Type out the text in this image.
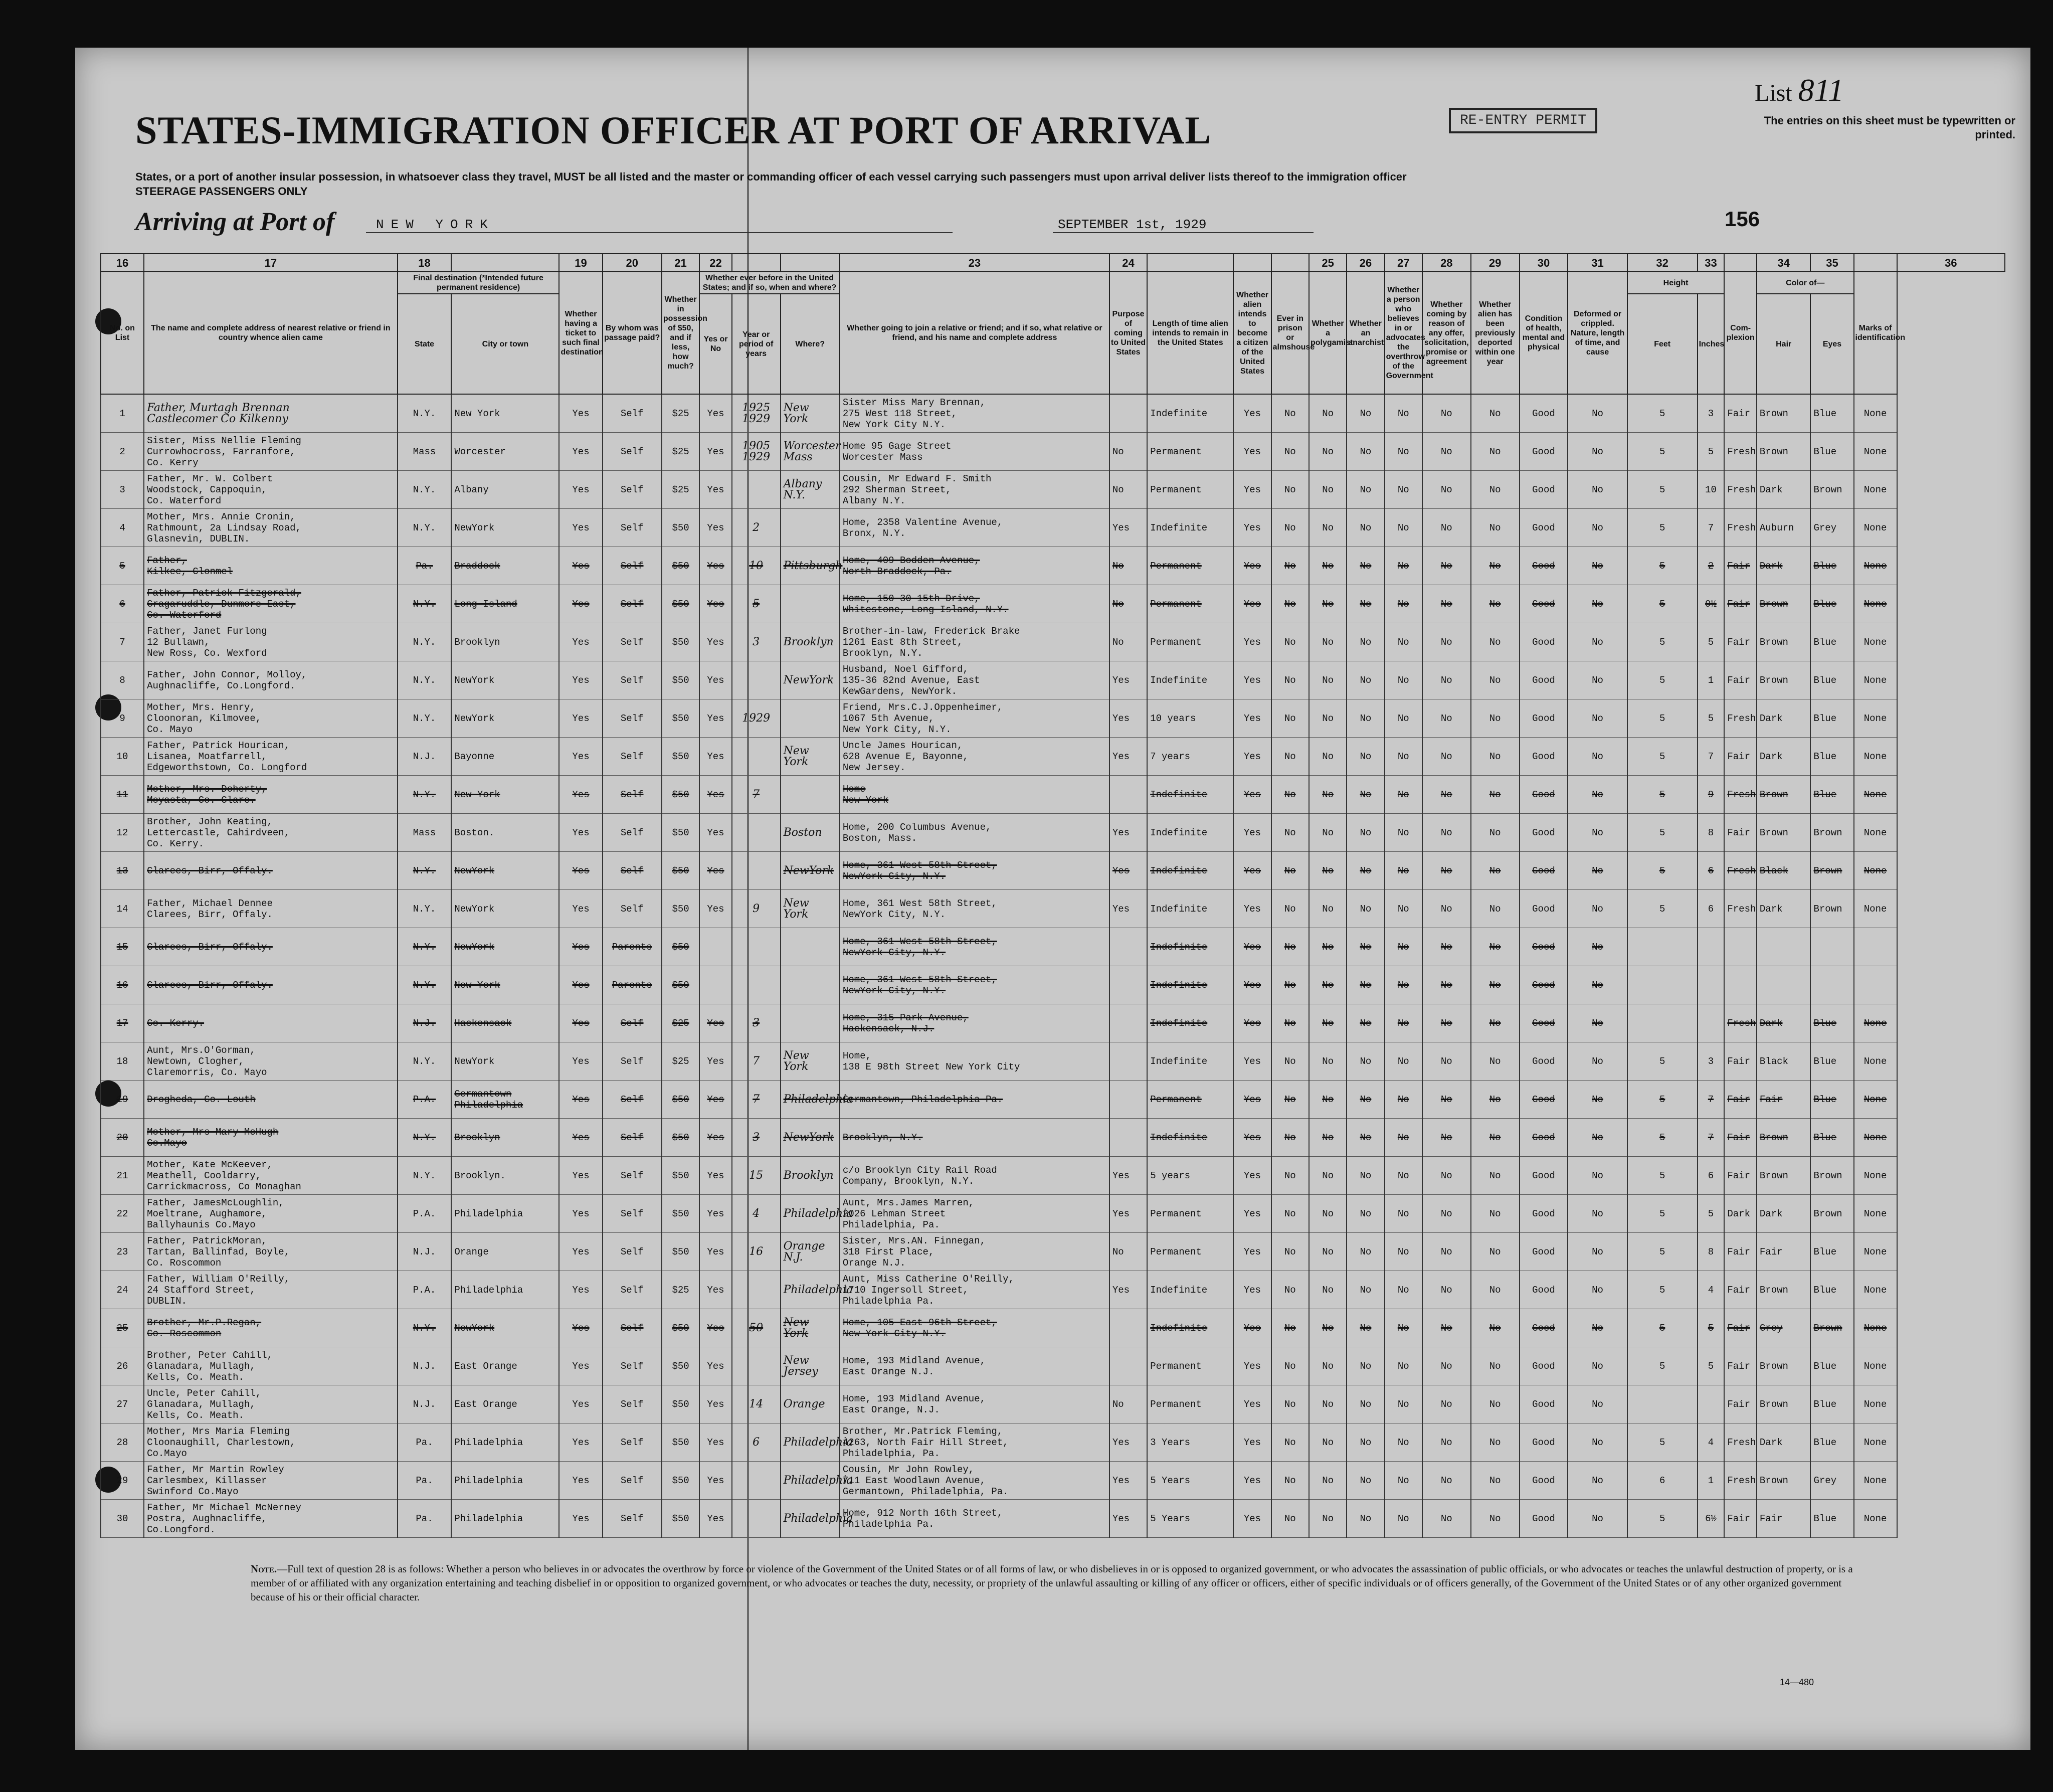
List 811
The entries on this sheet must be typewritten or printed.
RE-ENTRY PERMIT
STATES-IMMIGRATION OFFICER AT PORT OF ARRIVAL
States, or a port of another insular possession, in whatsoever class they travel, MUST be all listed and the master or commanding officer of each vessel carrying such passengers must upon arrival deliver lists thereof to the immigration officer
STEERAGE PASSENGERS ONLY
Arriving at Port of	NEW YORK	SEPTEMBER 1st, 1929	156
16	17	18		19	20	21	22			23	24				25	26	27	28	29	30	31	32	33		34	35		36
No. on List	The name and complete address of nearest relative or friend in country whence alien came	Final destination (*Intended future permanent residence)		Whether having a ticket to such final destination	By whom was passage paid?	Whether in possession of $50, and if less, how much?	Whether ever before in the United States; and if so, when and where?			Whether going to join a relative or friend; and if so, what relative or friend, and his name and complete address	Purpose of coming to United States	Length of time alien intends to remain in the United States	Whether alien intends to become a citizen of the United States	Ever in prison or almshouse	Whether a polygamist	Whether an anarchist	Whether a person who believes in or advocates the overthrow of the Government	Whether coming by reason of any offer, solicitation, promise or agreement	Whether alien has been previously deported within one year	Condition of health, mental and physical	Deformed or crippled. Nature, length of time, and cause	Height		Com-plexion	Color of—		Marks of identification	
		State	City or town				Yes or No	Year or period of years	Where?													Feet	Inches		Hair	Eyes		
1	Father, Murtagh Brennan
Castlecomer Co Kilkenny	N.Y.	New York	Yes	Self	$25	Yes	1925 1929	New York	Sister Miss Mary Brennan,
275 West 118 Street,
New York City N.Y.		Indefinite	Yes	No	No	No	No	No	No	Good	No	5	3	Fair	Brown	Blue	None	
2	Sister, Miss Nellie Fleming
Currowhocross, Farranfore,
Co. Kerry	Mass	Worcester	Yes	Self	$25	Yes	1905 1929	Worcester Mass	Home 95 Gage Street
Worcester Mass	No	Permanent	Yes	No	No	No	No	No	No	Good	No	5	5	Fresh	Brown	Blue	None	
3	Father, Mr. W. Colbert
Woodstock, Cappoquin,
Co. Waterford	N.Y.	Albany	Yes	Self	$25	Yes		Albany N.Y.	Cousin, Mr Edward F. Smith
292 Sherman Street,
Albany N.Y.	No	Permanent	Yes	No	No	No	No	No	No	Good	No	5	10	Fresh	Dark	Brown	None	
4	Mother, Mrs. Annie Cronin,
Rathmount, 2a Lindsay Road,
Glasnevin, DUBLIN.	N.Y.	NewYork	Yes	Self	$50	Yes	2		Home, 2358 Valentine Avenue,
Bronx, N.Y.	Yes	Indefinite	Yes	No	No	No	No	No	No	Good	No	5	7	Fresh	Auburn	Grey	None	
5	Father,
Kilkee, Clonmel	Pa.	Braddock	Yes	Self	$50	Yes	10	Pittsburgh	Home, 409 Bodden Avenue,
North Braddock, Pa.	No	Permanent	Yes	No	No	No	No	No	No	Good	No	5	2	Fair	Dark	Blue	None	
6	Father, Patrick Fitzgerald,
Gragaruddle, Dunmore East,
Co. Waterford	N.Y.	Long Island	Yes	Self	$50	Yes	5		Home, 150-30 15th Drive,
Whitestone, Long Island, N.Y.	No	Permanent	Yes	No	No	No	No	No	No	Good	No	5	9½	Fair	Brown	Blue	None	
7	Father, Janet Furlong
12 Bullawn,
New Ross, Co. Wexford	N.Y.	Brooklyn	Yes	Self	$50	Yes	3	Brooklyn	Brother-in-law, Frederick Brake
1261 East 8th Street,
Brooklyn, N.Y.	No	Permanent	Yes	No	No	No	No	No	No	Good	No	5	5	Fair	Brown	Blue	None	
8	Father, John Connor, Molloy,
Aughnacliffe, Co.Longford.	N.Y.	NewYork	Yes	Self	$50	Yes		NewYork	Husband, Noel Gifford,
135-36 82nd Avenue, East
KewGardens, NewYork.	Yes	Indefinite	Yes	No	No	No	No	No	No	Good	No	5	1	Fair	Brown	Blue	None	
9	Mother, Mrs. Henry,
Cloonoran, Kilmovee,
Co. Mayo	N.Y.	NewYork	Yes	Self	$50	Yes	1929		Friend, Mrs.C.J.Oppenheimer,
1067 5th Avenue,
New York City, N.Y.	Yes	10 years	Yes	No	No	No	No	No	No	Good	No	5	5	Fresh	Dark	Blue	None	
10	Father, Patrick Hourican,
Lisanea, Moatfarrell,
Edgeworthstown, Co. Longford	N.J.	Bayonne	Yes	Self	$50	Yes		New York	Uncle James Hourican,
628 Avenue E, Bayonne,
New Jersey.	Yes	7 years	Yes	No	No	No	No	No	No	Good	No	5	7	Fair	Dark	Blue	None	
11	Mother, Mrs. Doherty,
Moyasta, Co. Clare.	N.Y.	New York	Yes	Self	$50	Yes	7		Home
New York		Indefinite	Yes	No	No	No	No	No	No	Good	No	5	9	Fresh	Brown	Blue	None	
12	Brother, John Keating,
Lettercastle, Cahirdveen,
Co. Kerry.	Mass	Boston.	Yes	Self	$50	Yes		Boston	Home, 200 Columbus Avenue,
Boston, Mass.	Yes	Indefinite	Yes	No	No	No	No	No	No	Good	No	5	8	Fair	Brown	Brown	None	
13	Clarees, Birr, Offaly.	N.Y.	NewYork	Yes	Self	$50	Yes		NewYork	Home, 361 West 58th Street,
NewYork City, N.Y.	Yes	Indefinite	Yes	No	No	No	No	No	No	Good	No	5	6	Fresh	Black	Brown	None	
14	Father, Michael Dennee
Clarees, Birr, Offaly.	N.Y.	NewYork	Yes	Self	$50	Yes	9	New York	Home, 361 West 58th Street,
NewYork City, N.Y.	Yes	Indefinite	Yes	No	No	No	No	No	No	Good	No	5	6	Fresh	Dark	Brown	None	
15	Clarees, Birr, Offaly.	N.Y.	NewYork	Yes	Parents	$50				Home, 361 West 58th Street,
NewYork City, N.Y.		Indefinite	Yes	No	No	No	No	No	No	Good	No							
16	Clarees, Birr, Offaly.	N.Y.	New York	Yes	Parents	$50				Home, 361 West 58th Street,
NewYork City, N.Y.		Indefinite	Yes	No	No	No	No	No	No	Good	No							
17	Co. Kerry.	N.J.	Hackensack	Yes	Self	$25	Yes	3		Home, 315 Park Avenue,
Hackensack, N.J.		Indefinite	Yes	No	No	No	No	No	No	Good	No			Fresh	Dark	Blue	None	
18	Aunt, Mrs.O'Gorman,
Newtown, Clogher,
Claremorris, Co. Mayo	N.Y.	NewYork	Yes	Self	$25	Yes	7	New York	Home,
138 E 98th Street New York City		Indefinite	Yes	No	No	No	No	No	No	Good	No	5	3	Fair	Black	Blue	None	
19	Drogheda, Co. Louth	P.A.	Germantown
Philadelphia	Yes	Self	$50	Yes	7	Philadelphia	Germantown, Philadelphia Pa.		Permanent	Yes	No	No	No	No	No	No	Good	No	5	7	Fair	Fair	Blue	None	
20	Mother, Mrs Mary McHugh
Co.Mayo	N.Y.	Brooklyn	Yes	Self	$50	Yes	3	NewYork	Brooklyn, N.Y.		Indefinite	Yes	No	No	No	No	No	No	Good	No	5	7	Fair	Brown	Blue	None	
21	Mother, Kate McKeever,
Meathell, Cooldarry,
Carrickmacross, Co Monaghan	N.Y.	Brooklyn.	Yes	Self	$50	Yes	15	Brooklyn	c/o Brooklyn City Rail Road
Company, Brooklyn, N.Y.	Yes	5 years	Yes	No	No	No	No	No	No	Good	No	5	6	Fair	Brown	Brown	None	
22	Father, JamesMcLoughlin,
Moeltrane, Aughamore,
Ballyhaunis Co.Mayo	P.A.	Philadelphia	Yes	Self	$50	Yes	4	Philadelphia	Aunt, Mrs.James Marren,
2026 Lehman Street
Philadelphia, Pa.	Yes	Permanent	Yes	No	No	No	No	No	No	Good	No	5	5	Dark	Dark	Brown	None	
23	Father, PatrickMoran,
Tartan, Ballinfad, Boyle,
Co. Roscommon	N.J.	Orange	Yes	Self	$50	Yes	16	Orange N.J.	Sister, Mrs.AN. Finnegan,
318 First Place,
Orange N.J.	No	Permanent	Yes	No	No	No	No	No	No	Good	No	5	8	Fair	Fair	Blue	None	
24	Father, William O'Reilly,
24 Stafford Street,
DUBLIN.	P.A.	Philadelphia	Yes	Self	$25	Yes		Philadelphia	Aunt, Miss Catherine O'Reilly,
1710 Ingersoll Street,
Philadelphia Pa.	Yes	Indefinite	Yes	No	No	No	No	No	No	Good	No	5	4	Fair	Brown	Blue	None	
25	Brother, Mr.P.Regan,
Co. Roscommon	N.Y.	NewYork	Yes	Self	$50	Yes	50	New York	Home, 105 East 96th Street,
New York City N.Y.		Indefinite	Yes	No	No	No	No	No	No	Good	No	5	5	Fair	Grey	Brown	None	
26	Brother, Peter Cahill,
Glanadara, Mullagh,
Kells, Co. Meath.	N.J.	East Orange	Yes	Self	$50	Yes		New Jersey	Home, 193 Midland Avenue,
East Orange N.J.		Permanent	Yes	No	No	No	No	No	No	Good	No	5	5	Fair	Brown	Blue	None	
27	Uncle, Peter Cahill,
Glanadara, Mullagh,
Kells, Co. Meath.	N.J.	East Orange	Yes	Self	$50	Yes	14	Orange	Home, 193 Midland Avenue,
East Orange, N.J.	No	Permanent	Yes	No	No	No	No	No	No	Good	No			Fair	Brown	Blue	None	
28	Mother, Mrs Maria Fleming
Cloonaughill, Charlestown,
Co.Mayo	Pa.	Philadelphia	Yes	Self	$50	Yes	6	Philadelphia	Brother, Mr.Patrick Fleming,
4263, North Fair Hill Street,
Philadelphia, Pa.	Yes	3 Years	Yes	No	No	No	No	No	No	Good	No	5	4	Fresh	Dark	Blue	None	
29	Father, Mr Martin Rowley
Carlesmbex, Killasser
Swinford Co.Mayo	Pa.	Philadelphia	Yes	Self	$50	Yes		Philadelphia	Cousin, Mr John Rowley,
711 East Woodlawn Avenue,
Germantown, Philadelphia, Pa.	Yes	5 Years	Yes	No	No	No	No	No	No	Good	No	6	1	Fresh	Brown	Grey	None	
30	Father, Mr Michael McNerney
Postra, Aughnacliffe,
Co.Longford.	Pa.	Philadelphia	Yes	Self	$50	Yes		Philadelphia	Home, 912 North 16th Street,
Philadelphia Pa.	Yes	5 Years	Yes	No	No	No	No	No	No	Good	No	5	6½	Fair	Fair	Blue	None	
Note.—Full text of question 28 is as follows: Whether a person who believes in or advocates the overthrow by force or violence of the Government of the United States or of all forms of law, or who disbelieves in or is opposed to organized government, or who advocates the assassination of public officials, or who advocates or teaches the unlawful destruction of property, or is a member of or affiliated with any organization entertaining and teaching disbelief in or opposition to organized government, or who advocates or teaches the duty, necessity, or propriety of the unlawful assaulting or killing of any officer or officers, either of specific individuals or of officers generally, of the Government of the United States or of any other organized government because of his or their official character.
14—480
